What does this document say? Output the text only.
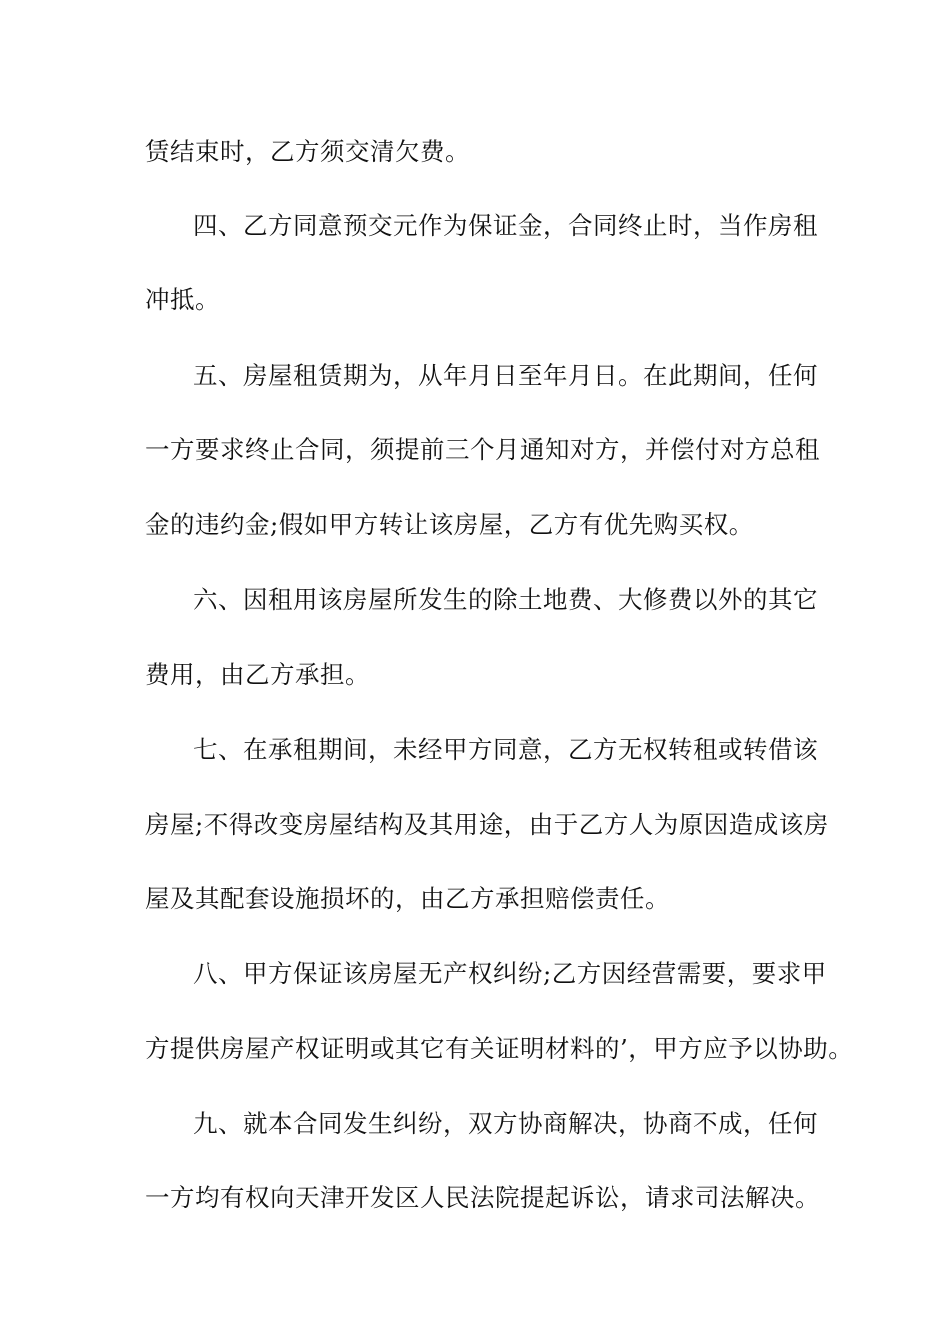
赁结束时，乙方须交清欠费。
四、乙方同意预交元作为保证金，合同终止时，当作房租
冲抵。
五、房屋租赁期为，从年月日至年月日。在此期间，任何
一方要求终止合同，须提前三个月通知对方，并偿付对方总租
金的违约金;假如甲方转让该房屋，乙方有优先购买权。
六、因租用该房屋所发生的除土地费、大修费以外的其它
费用，由乙方承担。
七、在承租期间，未经甲方同意，乙方无权转租或转借该
房屋;不得改变房屋结构及其用途，由于乙方人为原因造成该房
屋及其配套设施损坏的，由乙方承担赔偿责任。
八、甲方保证该房屋无产权纠纷;乙方因经营需要，要求甲
方提供房屋产权证明或其它有关证明材料的’，甲方应予以协助。
九、就本合同发生纠纷，双方协商解决，协商不成，任何
一方均有权向天津开发区人民法院提起诉讼，请求司法解决。
